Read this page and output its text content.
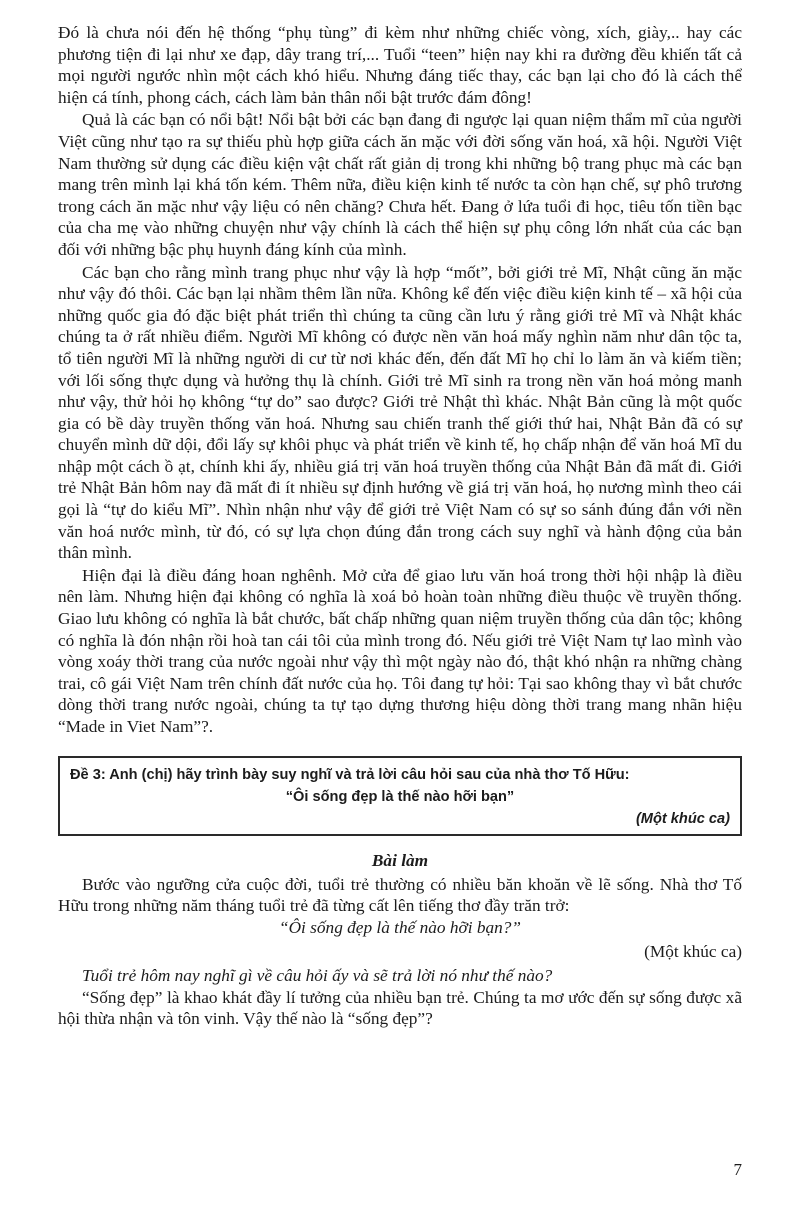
Đó là chưa nói đến hệ thống “phụ tùng” đi kèm như những chiếc vòng, xích, giày,.. hay các phương tiện đi lại như xe đạp, dây trang trí,... Tuổi “teen” hiện nay khi ra đường đều khiến tất cả mọi người ngước nhìn một cách khó hiểu. Nhưng đáng tiếc thay, các bạn lại cho đó là cách thể hiện cá tính, phong cách, cách làm bản thân nổi bật trước đám đông!

Quả là các bạn có nổi bật! Nổi bật bởi các bạn đang đi ngược lại quan niệm thẩm mĩ của người Việt cũng như tạo ra sự thiếu phù hợp giữa cách ăn mặc với đời sống văn hoá, xã hội. Người Việt Nam thường sử dụng các điều kiện vật chất rất giản dị trong khi những bộ trang phục mà các bạn mang trên mình lại khá tốn kém. Thêm nữa, điều kiện kinh tế nước ta còn hạn chế, sự phô trương trong cách ăn mặc như vậy liệu có nên chăng? Chưa hết. Đang ở lứa tuổi đi học, tiêu tốn tiền bạc của cha mẹ vào những chuyện như vậy chính là cách thể hiện sự phụ công lớn nhất của các bạn đối với những bậc phụ huynh đáng kính của mình.

Các bạn cho rằng mình trang phục như vậy là hợp “mốt”, bởi giới trẻ Mĩ, Nhật cũng ăn mặc như vậy đó thôi. Các bạn lại nhầm thêm lần nữa. Không kể đến việc điều kiện kinh tế – xã hội của những quốc gia đó đặc biệt phát triển thì chúng ta cũng cần lưu ý rằng giới trẻ Mĩ và Nhật khác chúng ta ở rất nhiều điểm. Người Mĩ không có được nền văn hoá mấy nghìn năm như dân tộc ta, tổ tiên người Mĩ là những người di cư từ nơi khác đến, đến đất Mĩ họ chỉ lo làm ăn và kiếm tiền; với lối sống thực dụng và hưởng thụ là chính. Giới trẻ Mĩ sinh ra trong nền văn hoá mỏng manh như vậy, thử hỏi họ không “tự do” sao được? Giới trẻ Nhật thì khác. Nhật Bản cũng là một quốc gia có bề dày truyền thống văn hoá. Nhưng sau chiến tranh thế giới thứ hai, Nhật Bản đã có sự chuyển mình dữ dội, đổi lấy sự khôi phục và phát triển về kinh tế, họ chấp nhận để văn hoá Mĩ du nhập một cách ồ ạt, chính khi ấy, nhiều giá trị văn hoá truyền thống của Nhật Bản đã mất đi. Giới trẻ Nhật Bản hôm nay đã mất đi ít nhiều sự định hướng về giá trị văn hoá, họ nương mình theo cái gọi là “tự do kiểu Mĩ”. Nhìn nhận như vậy để giới trẻ Việt Nam có sự so sánh đúng đắn với nền văn hoá nước mình, từ đó, có sự lựa chọn đúng đắn trong cách suy nghĩ và hành động của bản thân mình.

Hiện đại là điều đáng hoan nghênh. Mở cửa để giao lưu văn hoá trong thời hội nhập là điều nên làm. Nhưng hiện đại không có nghĩa là xoá bỏ hoàn toàn những điều thuộc về truyền thống. Giao lưu không có nghĩa là bắt chước, bất chấp những quan niệm truyền thống của dân tộc; không có nghĩa là đón nhận rồi hoà tan cái tôi của mình trong đó. Nếu giới trẻ Việt Nam tự lao mình vào vòng xoáy thời trang của nước ngoài như vậy thì một ngày nào đó, thật khó nhận ra những chàng trai, cô gái Việt Nam trên chính đất nước của họ. Tôi đang tự hỏi: Tại sao không thay vì bắt chước dòng thời trang nước ngoài, chúng ta tự tạo dựng thương hiệu dòng thời trang mang nhãn hiệu “Made in Viet Nam”?.

Đề 3: Anh (chị) hãy trình bày suy nghĩ và trả lời câu hỏi sau của nhà thơ Tố Hữu:

“Ôi sống đẹp là thế nào hỡi bạn”

(Một khúc ca)

Bài làm

Bước vào ngưỡng cửa cuộc đời, tuổi trẻ thường có nhiều băn khoăn về lẽ sống. Nhà thơ Tố Hữu trong những năm tháng tuổi trẻ đã từng cất lên tiếng thơ đầy trăn trở:

“Ôi sống đẹp là thế nào hỡi bạn?”

(Một khúc ca)

Tuổi trẻ hôm nay nghĩ gì về câu hỏi ấy và sẽ trả lời nó như thế nào?

“Sống đẹp” là khao khát đầy lí tưởng của nhiều bạn trẻ. Chúng ta mơ ước đến sự sống được xã hội thừa nhận và tôn vinh. Vậy thế nào là “sống đẹp”?

7
